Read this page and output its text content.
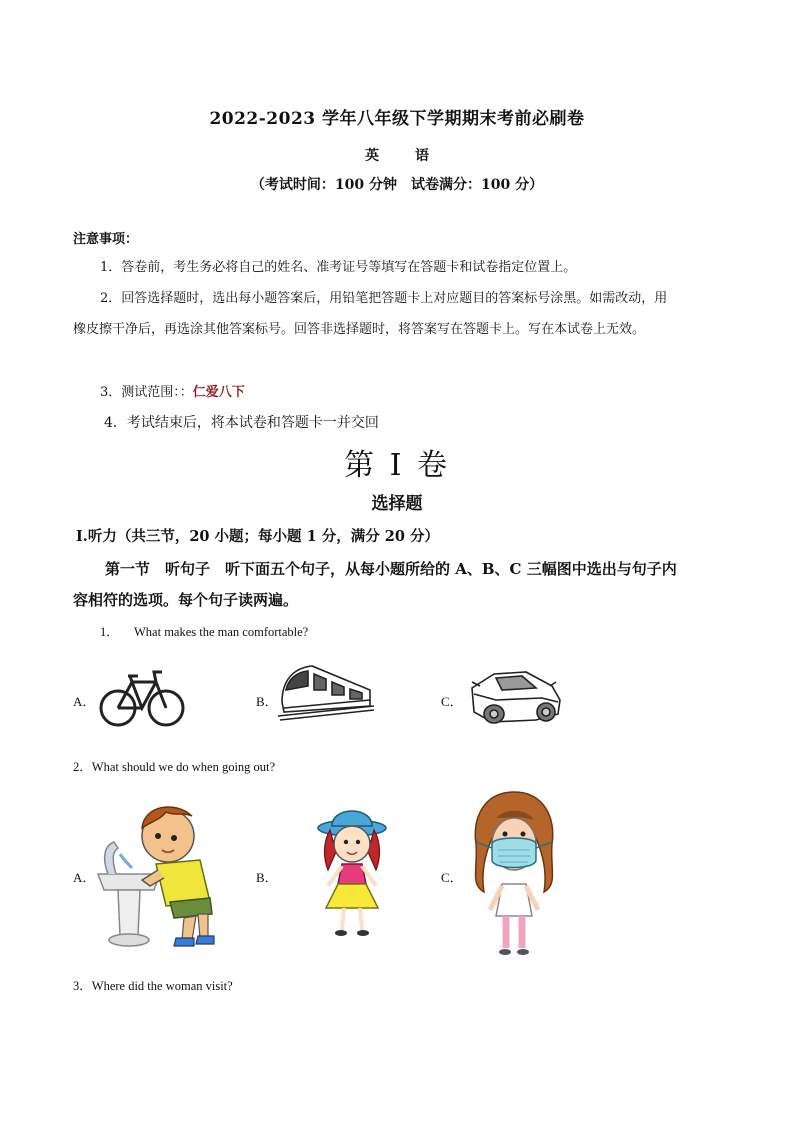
2022-2023 学年八年级下学期期末考前必刷卷
英	语
（考试时间：100 分钟　试卷满分：100 分）
注意事项：
1．答卷前，考生务必将自己的姓名、准考证号等填写在答题卡和试卷指定位置上。
2．回答选择题时，选出每小题答案后，用铅笔把答题卡上对应题目的答案标号涂黑。如需改动，用橡皮擦干净后，再选涂其他答案标号。回答非选择题时，将答案写在答题卡上。写在本试卷上无效。
3．测试范围：：仁爱八下
4．考试结束后，将本试卷和答题卡一并交回
第 I 卷
选择题
Ⅰ.听力（共三节，20 小题；每小题 1 分，满分 20 分）
第一节　听句子　听下面五个句子，从每小题所给的 A、B、C 三幅图中选出与句子内容相符的选项。每个句子读两遍。
1． What makes the man comfortable?
A．	B．	C．
2．What should we do when going out?
A．	B．	C．
3．Where did the woman visit?
